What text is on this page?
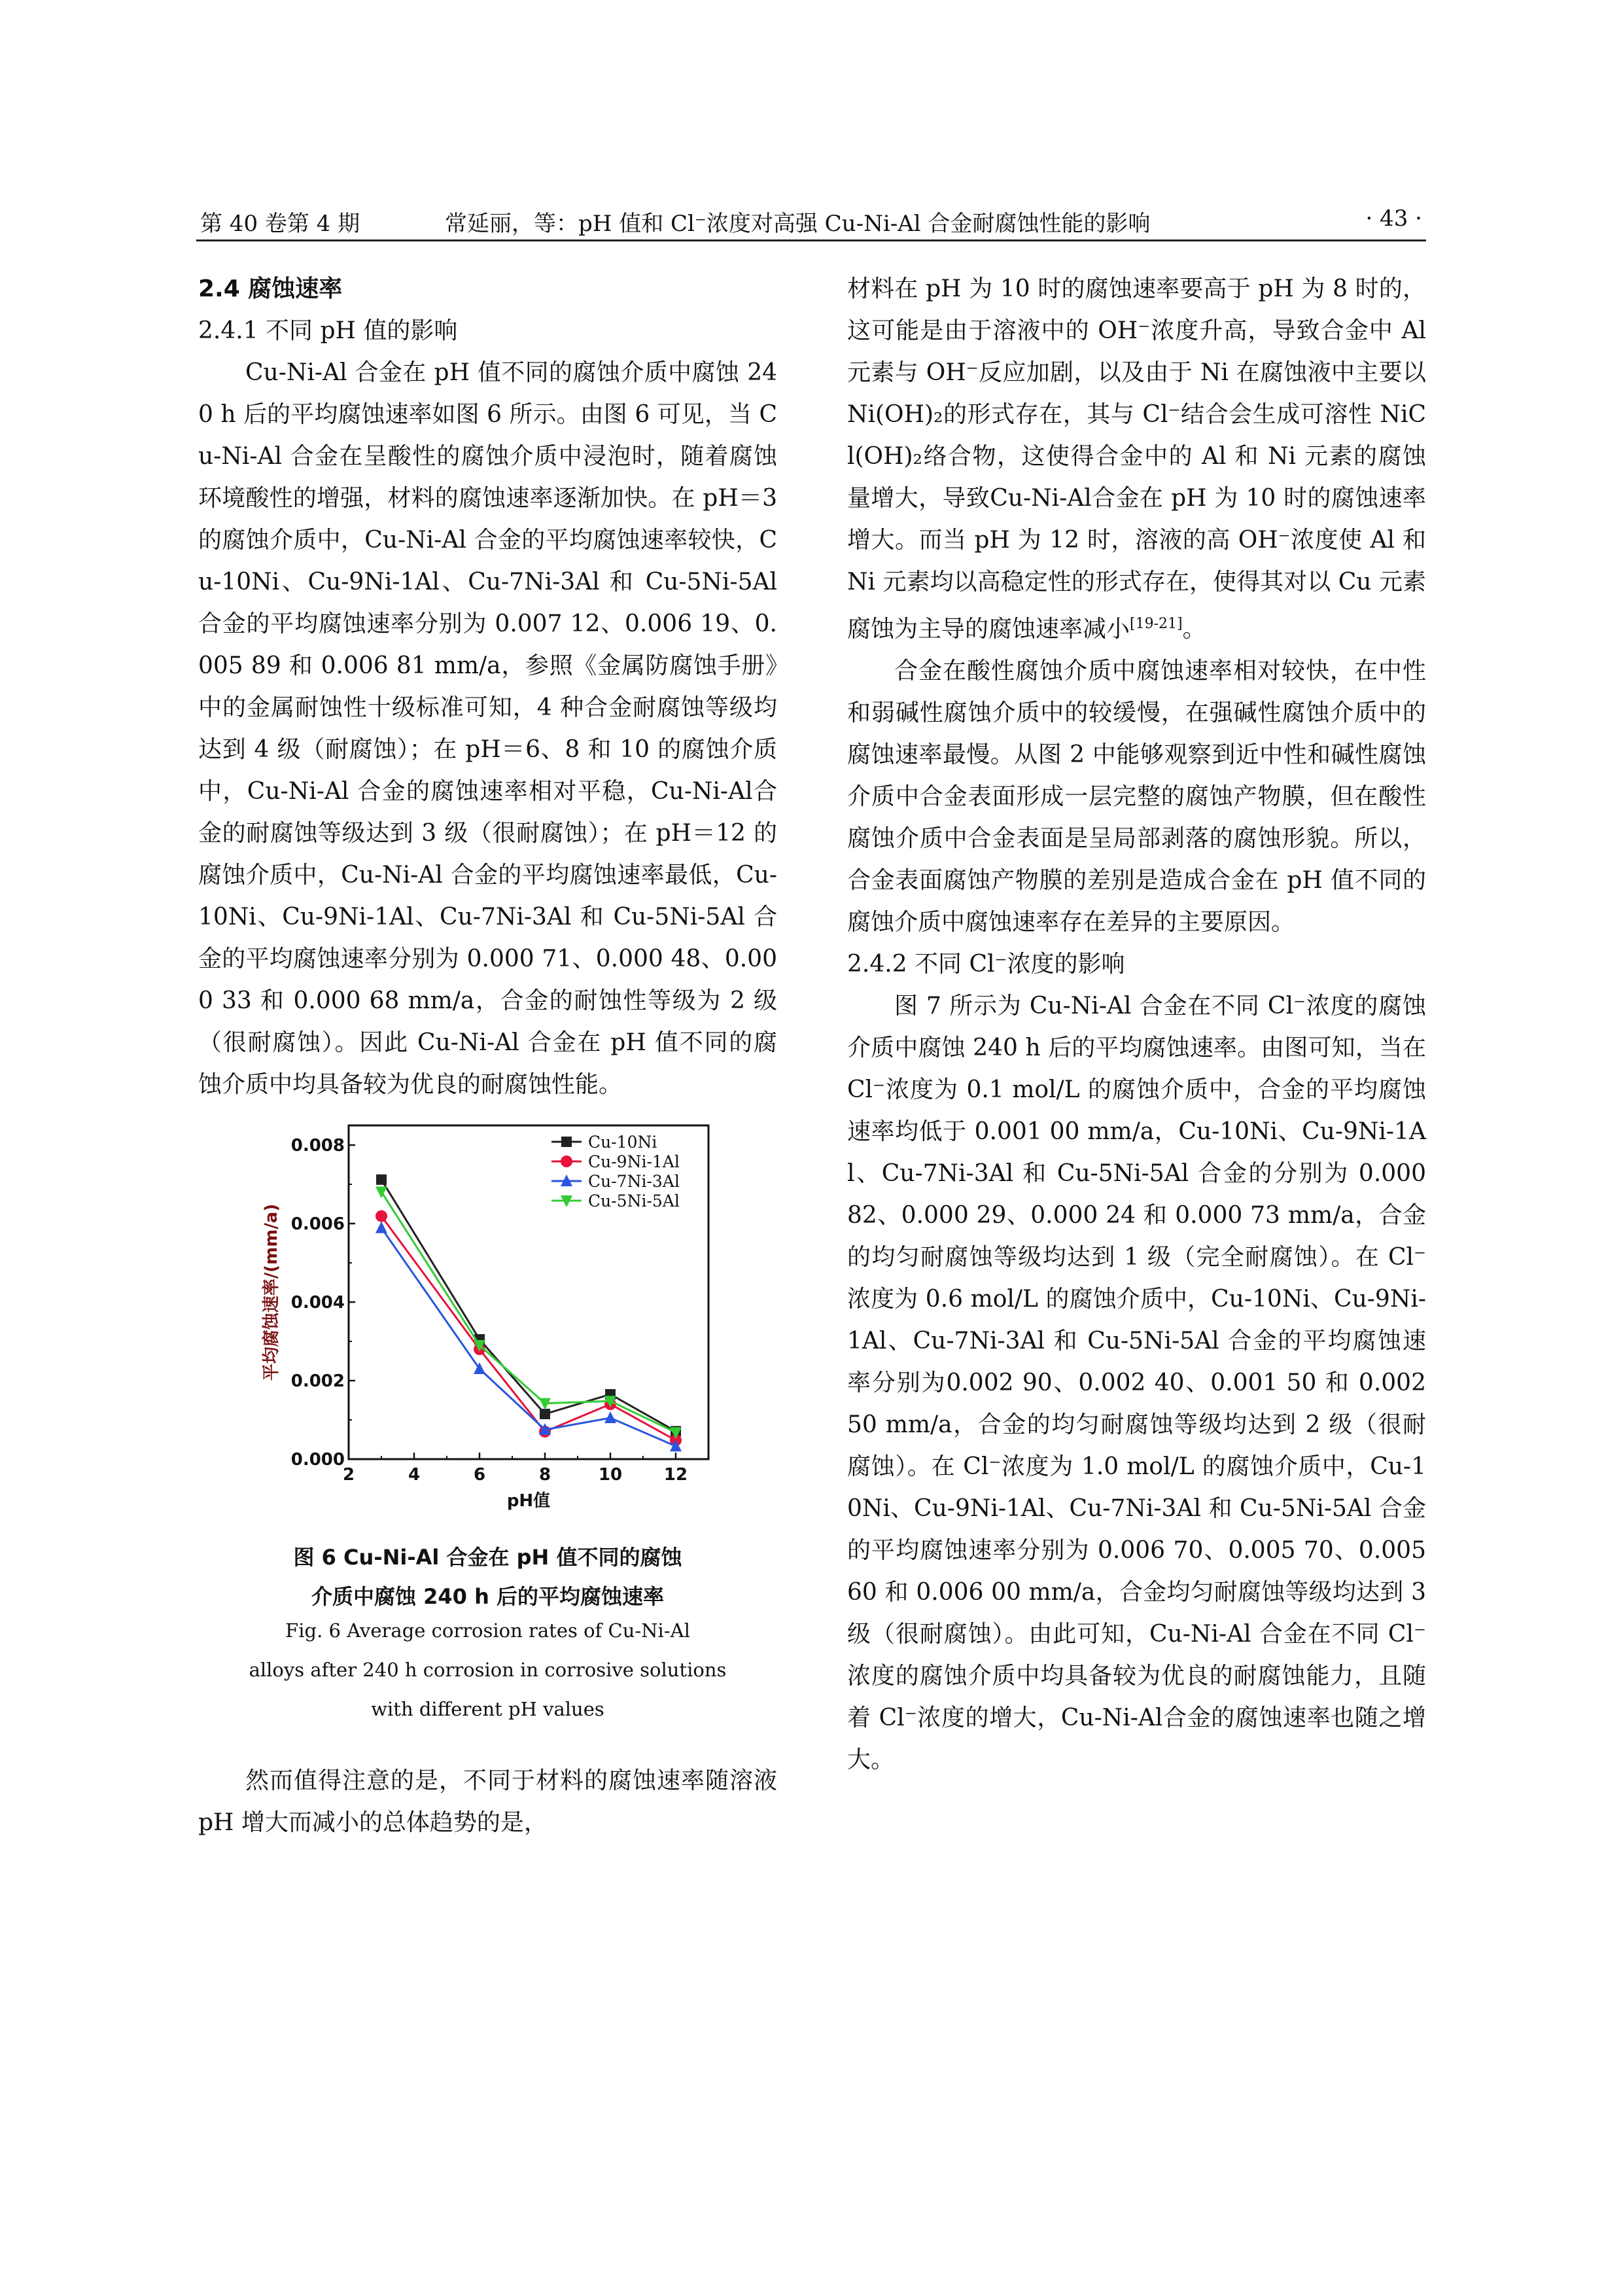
第 40 卷第 4 期	常延丽，等：pH 值和 Cl⁻浓度对高强 Cu-Ni-Al 合金耐腐蚀性能的影响	· 43 ·
2.4 腐蚀速率
2.4.1 不同 pH 值的影响

Cu-Ni-Al 合金在 pH 值不同的腐蚀介质中腐蚀 240 h 后的平均腐蚀速率如图 6 所示。由图 6 可见，当 Cu-Ni-Al 合金在呈酸性的腐蚀介质中浸泡时，随着腐蚀环境酸性的增强，材料的腐蚀速率逐渐加快。在 pH＝3 的腐蚀介质中，Cu-Ni-Al 合金的平均腐蚀速率较快，Cu-10Ni、Cu-9Ni-1Al、Cu-7Ni-3Al 和 Cu-5Ni-5Al 合金的平均腐蚀速率分别为 0.007 12、0.006 19、0.005 89 和 0.006 81 mm/a，参照《金属防腐蚀手册》中的金属耐蚀性十级标准可知，4 种合金耐腐蚀等级均达到 4 级（耐腐蚀）；在 pH＝6、8 和 10 的腐蚀介质中，Cu-Ni-Al 合金的腐蚀速率相对平稳，Cu-Ni-Al合金的耐腐蚀等级达到 3 级（很耐腐蚀）；在 pH＝12 的腐蚀介质中，Cu-Ni-Al 合金的平均腐蚀速率最低，Cu-10Ni、Cu-9Ni-1Al、Cu-7Ni-3Al 和 Cu-5Ni-5Al 合金的平均腐蚀速率分别为 0.000 71、0.000 48、0.000 33 和 0.000 68 mm/a，合金的耐蚀性等级为 2 级（很耐腐蚀）。因此 Cu-Ni-Al 合金在 pH 值不同的腐蚀介质中均具备较为优良的耐腐蚀性能。

2	4	6	8	10 12
0.000
0.002
0.004
0.006
0.008
pH值
平均腐蚀速率/(mm/a)
Cu-10Ni
Cu-9Ni-1Al
Cu-7Ni-3Al
Cu-5Ni-5Al
图 6 Cu-Ni-Al 合金在 pH 值不同的腐蚀
介质中腐蚀 240 h 后的平均腐蚀速率
Fig. 6 Average corrosion rates of Cu-Ni-Al
alloys after 240 h corrosion in corrosive solutions
with different pH values

然而值得注意的是，不同于材料的腐蚀速率随溶液 pH 增大而减小的总体趋势的是，

材料在 pH 为 10 时的腐蚀速率要高于 pH 为 8 时的，这可能是由于溶液中的 OH⁻浓度升高，导致合金中 Al 元素与 OH⁻反应加剧，以及由于 Ni 在腐蚀液中主要以 Ni(OH)₂的形式存在，其与 Cl⁻结合会生成可溶性 NiCl(OH)₂络合物，这使得合金中的 Al 和 Ni 元素的腐蚀量增大，导致Cu-Ni-Al合金在 pH 为 10 时的腐蚀速率增大。而当 pH 为 12 时，溶液的高 OH⁻浓度使 Al 和 Ni 元素均以高稳定性的形式存在，使得其对以 Cu 元素腐蚀为主导的腐蚀速率减小[19-21]。

合金在酸性腐蚀介质中腐蚀速率相对较快，在中性和弱碱性腐蚀介质中的较缓慢，在强碱性腐蚀介质中的腐蚀速率最慢。从图 2 中能够观察到近中性和碱性腐蚀介质中合金表面形成一层完整的腐蚀产物膜，但在酸性腐蚀介质中合金表面是呈局部剥落的腐蚀形貌。所以，合金表面腐蚀产物膜的差别是造成合金在 pH 值不同的腐蚀介质中腐蚀速率存在差异的主要原因。

2.4.2 不同 Cl⁻浓度的影响

图 7 所示为 Cu-Ni-Al 合金在不同 Cl⁻浓度的腐蚀介质中腐蚀 240 h 后的平均腐蚀速率。由图可知，当在 Cl⁻浓度为 0.1 mol/L 的腐蚀介质中，合金的平均腐蚀速率均低于 0.001 00 mm/a，Cu-10Ni、Cu-9Ni-1Al、Cu-7Ni-3Al 和 Cu-5Ni-5Al 合金的分别为 0.000 82、0.000 29、0.000 24 和 0.000 73 mm/a，合金的均匀耐腐蚀等级均达到 1 级（完全耐腐蚀）。在 Cl⁻浓度为 0.6 mol/L 的腐蚀介质中，Cu-10Ni、Cu-9Ni-1Al、Cu-7Ni-3Al 和 Cu-5Ni-5Al 合金的平均腐蚀速率分别为0.002 90、0.002 40、0.001 50 和 0.002 50 mm/a，合金的均匀耐腐蚀等级均达到 2 级（很耐腐蚀）。在 Cl⁻浓度为 1.0 mol/L 的腐蚀介质中，Cu-10Ni、Cu-9Ni-1Al、Cu-7Ni-3Al 和 Cu-5Ni-5Al 合金的平均腐蚀速率分别为 0.006 70、0.005 70、0.005 60 和 0.006 00 mm/a，合金均匀耐腐蚀等级均达到 3 级（很耐腐蚀）。由此可知，Cu-Ni-Al 合金在不同 Cl⁻浓度的腐蚀介质中均具备较为优良的耐腐蚀能力，且随着 Cl⁻浓度的增大，Cu-Ni-Al合金的腐蚀速率也随之增大。
